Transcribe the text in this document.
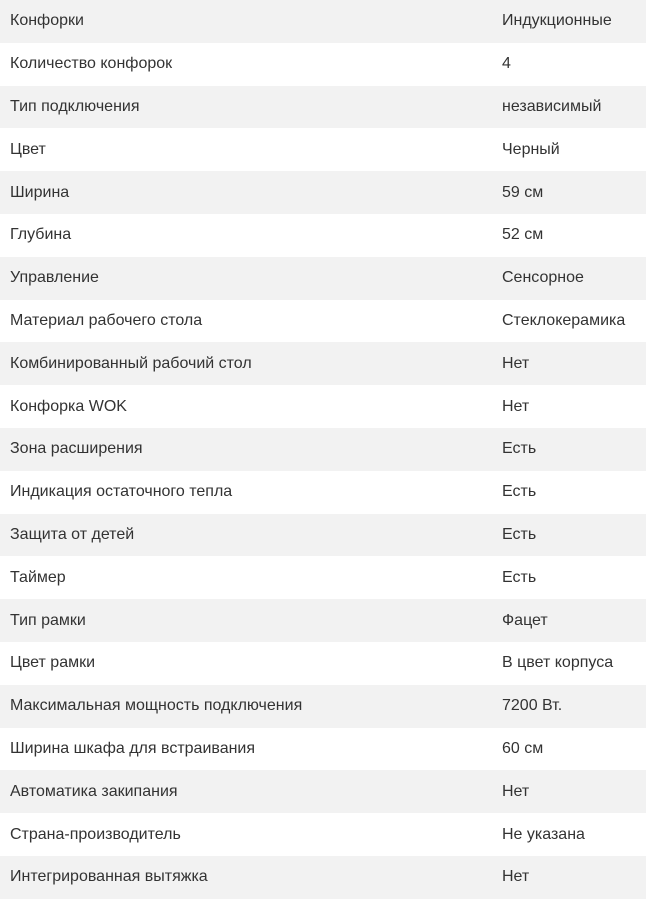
Конфорки	Индукционные
Количество конфорок	4
Тип подключения	независимый
Цвет	Черный
Ширина	59 см
Глубина	52 см
Управление	Сенсорное
Материал рабочего стола	Стеклокерамика
Комбинированный рабочий стол	Нет
Конфорка WOK	Нет
Зона расширения	Есть
Индикация остаточного тепла	Есть
Защита от детей	Есть
Таймер	Есть
Тип рамки	Фацет
Цвет рамки	В цвет корпуса
Максимальная мощность подключения	7200 Вт.
Ширина шкафа для встраивания	60 см
Автоматика закипания	Нет
Страна-производитель	Не указана
Интегрированная вытяжка	Нет
